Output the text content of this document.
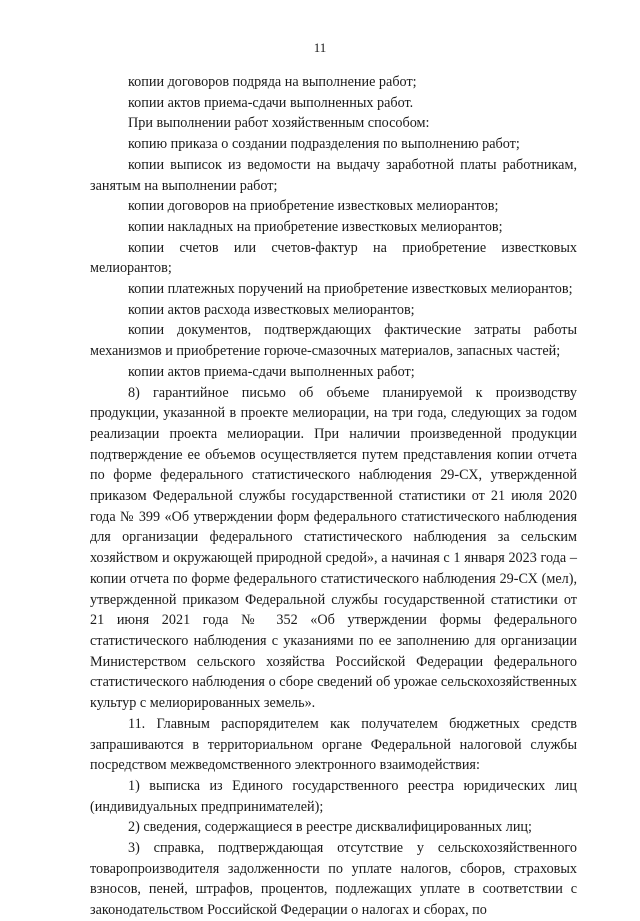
11

копии договоров подряда на выполнение работ;

копии актов приема-сдачи выполненных работ.

При выполнении работ хозяйственным способом:

копию приказа о создании подразделения по выполнению работ;

копии выписок из ведомости на выдачу заработной платы работникам, занятым на выполнении работ;

копии договоров на приобретение известковых мелиорантов;

копии накладных на приобретение известковых мелиорантов;

копии счетов или счетов-фактур на приобретение известковых мелиорантов;

копии платежных поручений на приобретение известковых мелиорантов;

копии актов расхода известковых мелиорантов;

копии документов, подтверждающих фактические затраты работы механизмов и приобретение горюче-смазочных материалов, запасных частей;

копии актов приема-сдачи выполненных работ;

8) гарантийное письмо об объеме планируемой к производству продукции, указанной в проекте мелиорации, на три года, следующих за годом реализации проекта мелиорации. При наличии произведенной продукции подтверждение ее объемов осуществляется путем представления копии отчета по форме федерального статистического наблюдения 29-СХ, утвержденной приказом Федеральной службы государственной статистики от 21 июля 2020 года № 399 «Об утверждении форм федерального статистического наблюдения для организации федерального статистического наблюдения за сельским хозяйством и окружающей природной средой», а начиная с 1 января 2023 года – копии отчета по форме федерального статистического наблюдения 29-СХ (мел), утвержденной приказом Федеральной службы государственной статистики от 21 июня 2021 года № 352 «Об утверждении формы федерального статистического наблюдения с указаниями по ее заполнению для организации Министерством сельского хозяйства Российской Федерации федерального статистического наблюдения о сборе сведений об урожае сельскохозяйственных культур с мелиорированных земель».

11. Главным распорядителем как получателем бюджетных средств запрашиваются в территориальном органе Федеральной налоговой службы посредством межведомственного электронного взаимодействия:

1) выписка из Единого государственного реестра юридических лиц (индивидуальных предпринимателей);

2) сведения, содержащиеся в реестре дисквалифицированных лиц;

3) справка, подтверждающая отсутствие у сельскохозяйственного товаропроизводителя задолженности по уплате налогов, сборов, страховых взносов, пеней, штрафов, процентов, подлежащих уплате в соответствии с законодательством Российской Федерации о налогах и сборах, по
